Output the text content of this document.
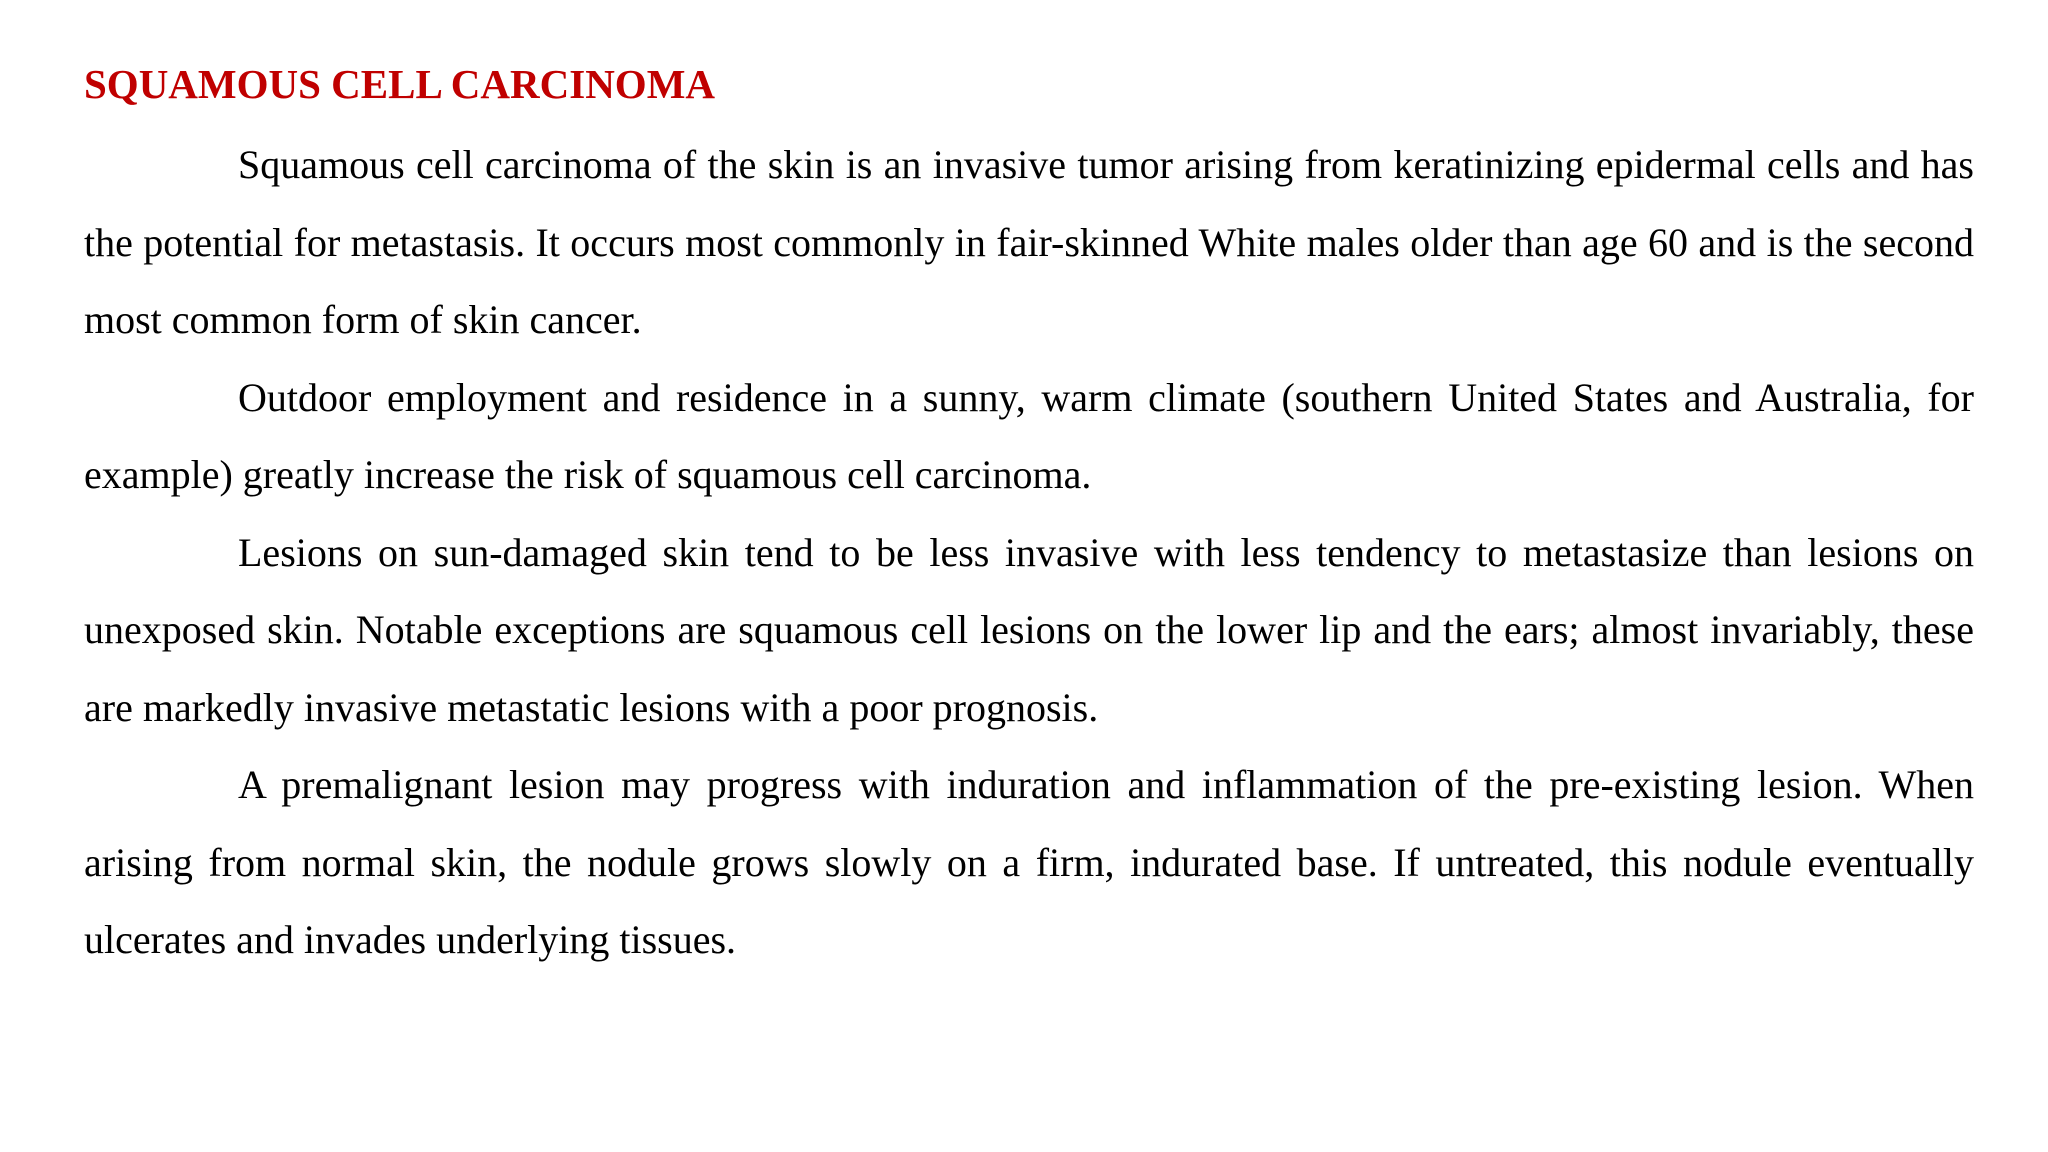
SQUAMOUS CELL CARCINOMA

Squamous cell carcinoma of the skin is an invasive tumor arising from keratinizing epidermal cells and has the potential for metastasis. It occurs most commonly in fair-skinned White males older than age 60 and is the second most common form of skin cancer.

Outdoor employment and residence in a sunny, warm climate (southern United States and Australia, for example) greatly increase the risk of squamous cell carcinoma.

Lesions on sun-damaged skin tend to be less invasive with less tendency to metastasize than lesions on unexposed skin. Notable exceptions are squamous cell lesions on the lower lip and the ears; almost invariably, these are markedly invasive metastatic lesions with a poor prognosis.

A premalignant lesion may progress with induration and inflammation of the pre-existing lesion. When arising from normal skin, the nodule grows slowly on a firm, indurated base. If untreated, this nodule eventually ulcerates and invades underlying tissues.
